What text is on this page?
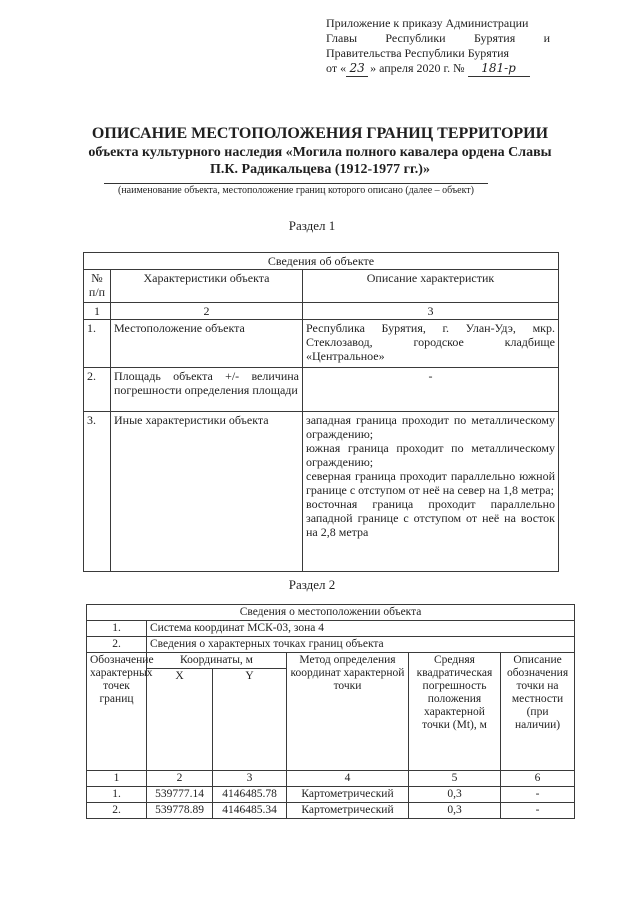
Приложение к приказу Администрации
Главы Республики Бурятия и
Правительства Республики Бурятия
от « 23 » апреля 2020 г. №	181-р
ОПИСАНИЕ МЕСТОПОЛОЖЕНИЯ ГРАНИЦ ТЕРРИТОРИИ
объекта культурного наследия «Могила полного кавалера ордена Славы
П.К. Радикальцева (1912-1977 гг.)»
(наименование объекта, местоположение границ которого описано (далее – объект)
Раздел 1
Сведения об объекте		
№ п/п	Характеристики объекта	Описание характеристик
1	2	3
1.	Местоположение объекта	Республика Бурятия, г. Улан-Удэ, мкр. Стеклозавод, городское кладбище «Центральное»
2.	Площадь объекта +/- величина погрешности определения площади	-
3.	Иные характеристики объекта	западная граница проходит по металлическому ограждению;

южная граница проходит по металлическому ограждению;

северная граница проходит параллельно южной границе с отступом от неё на север на 1,8 метра;

восточная граница проходит параллельно западной границе с отступом от неё на восток на 2,8 метра

Раздел 2
Сведения о местоположении объекта					
1.	Система координат МСК-03, зона 4				
2.	Сведения о характерных точках границ объекта				
Обозначение характерных точек границ	Координаты, м		Метод определения координат характерной точки	Средняя квадратическая погрешность положения характерной точки (Mt), м	Описание обозначения точки на местности (при наличии)
	X	Y			
1	2	3	4	5	6
1.	539777.14	4146485.78	Картометрический	0,3	-
2.	539778.89	4146485.34	Картометрический	0,3	-
